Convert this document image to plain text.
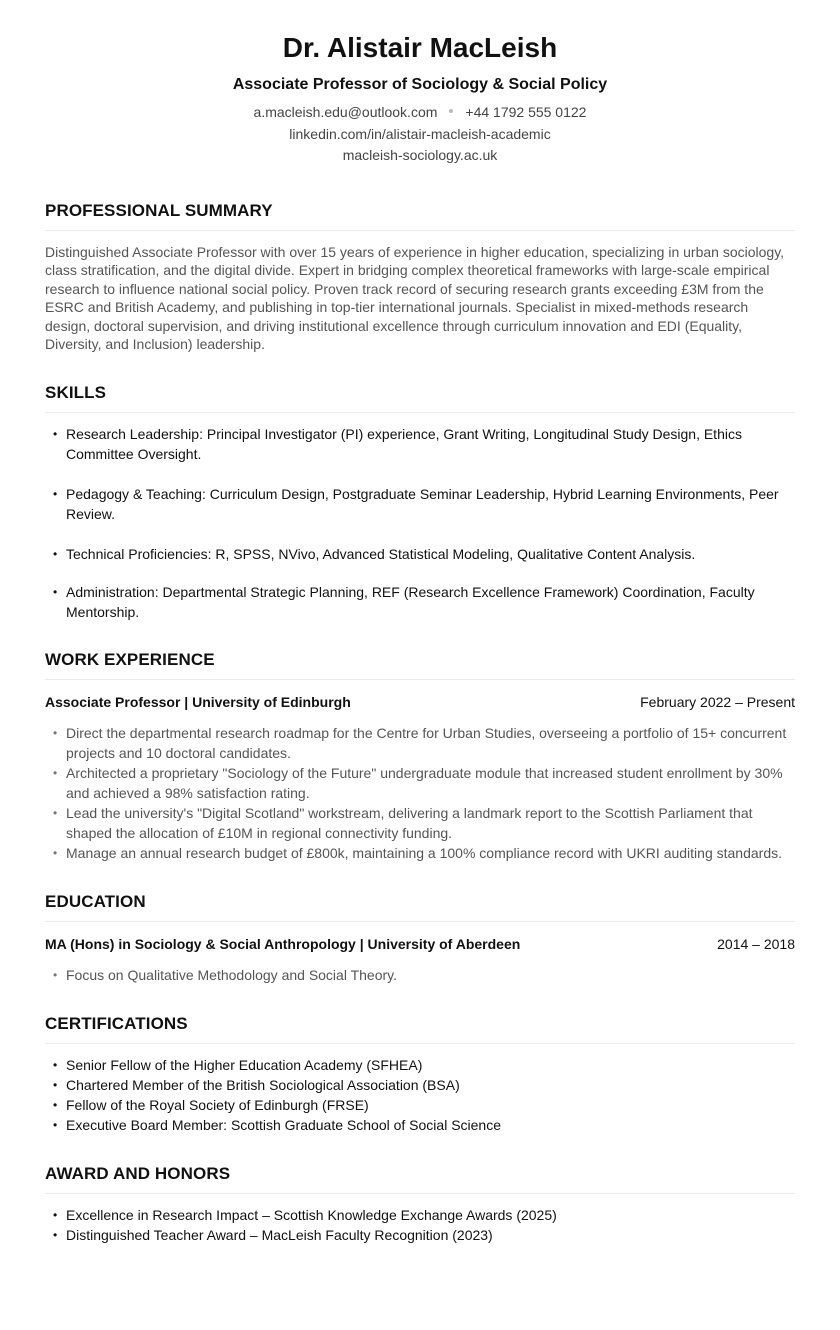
Dr. Alistair MacLeish
Associate Professor of Sociology & Social Policy
a.macleish.edu@outlook.com +44 1792 555 0122
linkedin.com/in/alistair-macleish-academic
macleish-sociology.ac.uk
PROFESSIONAL SUMMARY

Distinguished Associate Professor with over 15 years of experience in higher education, specializing in urban sociology, class stratification, and the digital divide. Expert in bridging complex theoretical frameworks with large-scale empirical research to influence national social policy. Proven track record of securing research grants exceeding £3M from the ESRC and British Academy, and publishing in top-tier international journals. Specialist in mixed-methods research design, doctoral supervision, and driving institutional excellence through curriculum innovation and EDI (Equality, Diversity, and Inclusion) leadership.

SKILLS
• Research Leadership: Principal Investigator (PI) experience, Grant Writing, Longitudinal Study Design, Ethics Committee Oversight.
• Pedagogy & Teaching: Curriculum Design, Postgraduate Seminar Leadership, Hybrid Learning Environments, Peer Review.
• Technical Proficiencies: R, SPSS, NVivo, Advanced Statistical Modeling, Qualitative Content Analysis.
• Administration: Departmental Strategic Planning, REF (Research Excellence Framework) Coordination, Faculty Mentorship.
WORK EXPERIENCE
Associate Professor | University of Edinburgh	February 2022 – Present
• Direct the departmental research roadmap for the Centre for Urban Studies, overseeing a portfolio of 15+ concurrent projects and 10 doctoral candidates.
• Architected a proprietary "Sociology of the Future" undergraduate module that increased student enrollment by 30% and achieved a 98% satisfaction rating.
• Lead the university's "Digital Scotland" workstream, delivering a landmark report to the Scottish Parliament that shaped the allocation of £10M in regional connectivity funding.
• Manage an annual research budget of £800k, maintaining a 100% compliance record with UKRI auditing standards.
EDUCATION
MA (Hons) in Sociology & Social Anthropology | University of Aberdeen	2014 – 2018
• Focus on Qualitative Methodology and Social Theory.
CERTIFICATIONS
• Senior Fellow of the Higher Education Academy (SFHEA)
• Chartered Member of the British Sociological Association (BSA)
• Fellow of the Royal Society of Edinburgh (FRSE)
• Executive Board Member: Scottish Graduate School of Social Science
AWARD AND HONORS
• Excellence in Research Impact – Scottish Knowledge Exchange Awards (2025)
• Distinguished Teacher Award – MacLeish Faculty Recognition (2023)
